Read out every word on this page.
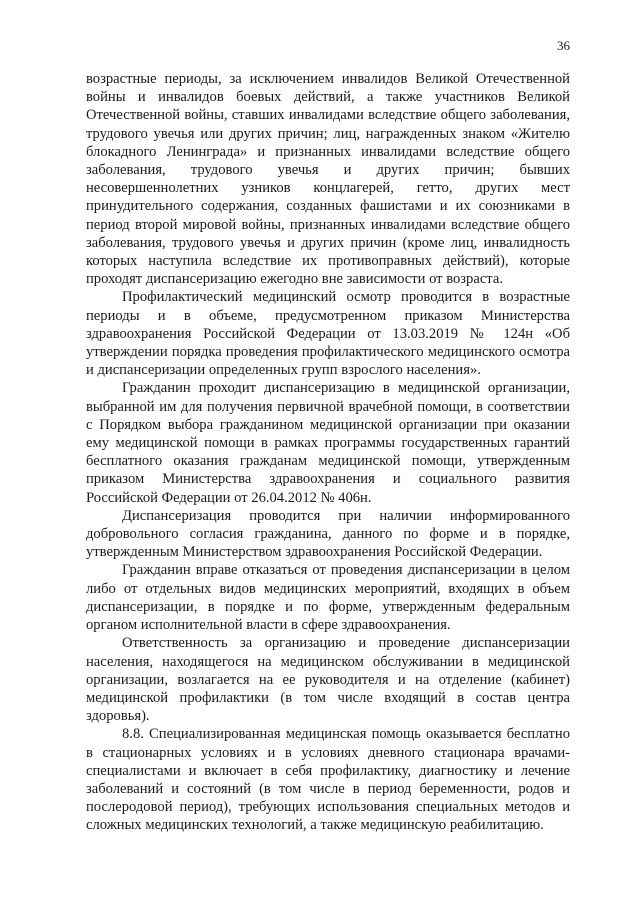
36

возрастные периоды, за исключением инвалидов Великой Отечественной войны и инвалидов боевых действий, а также участников Великой Отечественной войны, ставших инвалидами вследствие общего заболевания, трудового увечья или других причин; лиц, награжденных знаком «Жителю блокадного Ленинграда» и признанных инвалидами вследствие общего заболевания, трудового увечья и других причин; бывших несовершеннолетних узников концлагерей, гетто, других мест принудительного содержания, созданных фашистами и их союзниками в период второй мировой войны, признанных инвалидами вследствие общего заболевания, трудового увечья и других причин (кроме лиц, инвалидность которых наступила вследствие их противоправных действий), которые проходят диспансеризацию ежегодно вне зависимости от возраста.

Профилактический медицинский осмотр проводится в возрастные периоды и в объеме, предусмотренном приказом Министерства здравоохранения Российской Федерации от 13.03.2019 № 124н «Об утверждении порядка проведения профилактического медицинского осмотра и диспансеризации определенных групп взрослого населения».

Гражданин проходит диспансеризацию в медицинской организации, выбранной им для получения первичной врачебной помощи, в соответствии с Порядком выбора гражданином медицинской организации при оказании ему медицинской помощи в рамках программы государственных гарантий бесплатного оказания гражданам медицинской помощи, утвержденным приказом Министерства здравоохранения и социального развития Российской Федерации от 26.04.2012 № 406н.

Диспансеризация проводится при наличии информированного добровольного согласия гражданина, данного по форме и в порядке, утвержденным Министерством здравоохранения Российской Федерации.

Гражданин вправе отказаться от проведения диспансеризации в целом либо от отдельных видов медицинских мероприятий, входящих в объем диспансеризации, в порядке и по форме, утвержденным федеральным органом исполнительной власти в сфере здравоохранения.

Ответственность за организацию и проведение диспансеризации населения, находящегося на медицинском обслуживании в медицинской организации, возлагается на ее руководителя и на отделение (кабинет) медицинской профилактики (в том числе входящий в состав центра здоровья).

8.8. Специализированная медицинская помощь оказывается бесплатно в стационарных условиях и в условиях дневного стационара врачами-специалистами и включает в себя профилактику, диагностику и лечение заболеваний и состояний (в том числе в период беременности, родов и послеродовой период), требующих использования специальных методов и сложных медицинских технологий, а также медицинскую реабилитацию.
